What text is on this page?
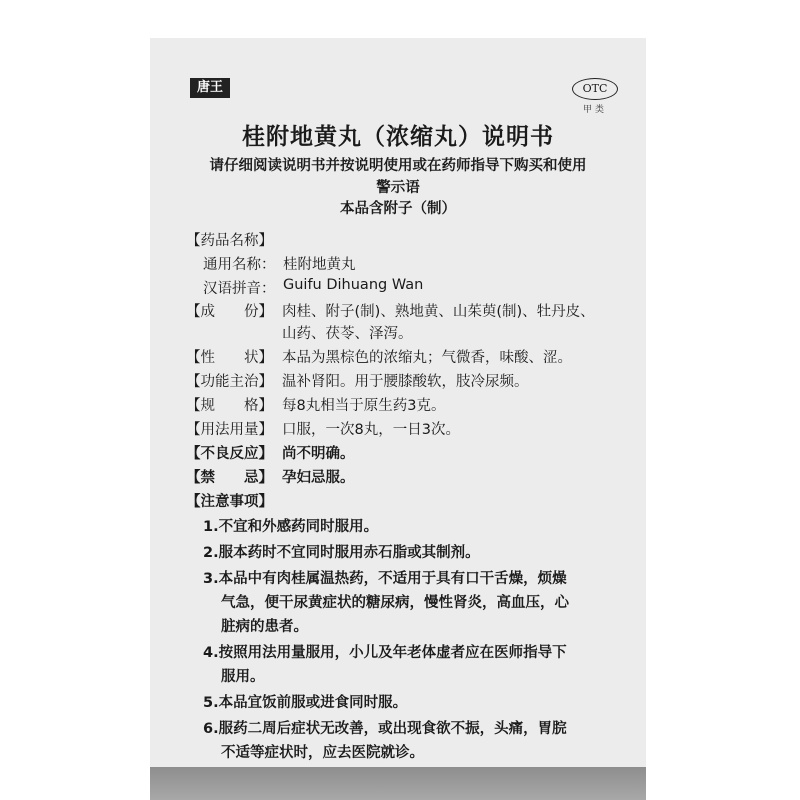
唐王	OTC
甲类
桂附地黄丸（浓缩丸）说明书
请仔细阅读说明书并按说明使用或在药师指导下购买和使用
警示语
本品含附子（制）
【药品名称】
通用名称： 桂附地黄丸
汉语拼音： Guifu Dihuang Wan
【成　　份】 肉桂、附子(制)、熟地黄、山茱萸(制)、牡丹皮、
山药、茯苓、泽泻。
【性　　状】 本品为黑棕色的浓缩丸；气微香，味酸、涩。
【功能主治】 温补肾阳。用于腰膝酸软，肢冷尿频。
【规　　格】 每8丸相当于原生药3克。
【用法用量】 口服，一次8丸，一日3次。
【不良反应】 尚不明确。
【禁　　忌】 孕妇忌服。
【注意事项】
1.不宜和外感药同时服用。
2.服本药时不宜同时服用赤石脂或其制剂。
3.本品中有肉桂属温热药，不适用于具有口干舌燥，烦燥
气急，便干尿黄症状的糖尿病，慢性肾炎，高血压，心
脏病的患者。
4.按照用法用量服用，小儿及年老体虚者应在医师指导下
服用。
5.本品宜饭前服或进食同时服。
6.服药二周后症状无改善，或出现食欲不振，头痛，胃脘
不适等症状时，应去医院就诊。
